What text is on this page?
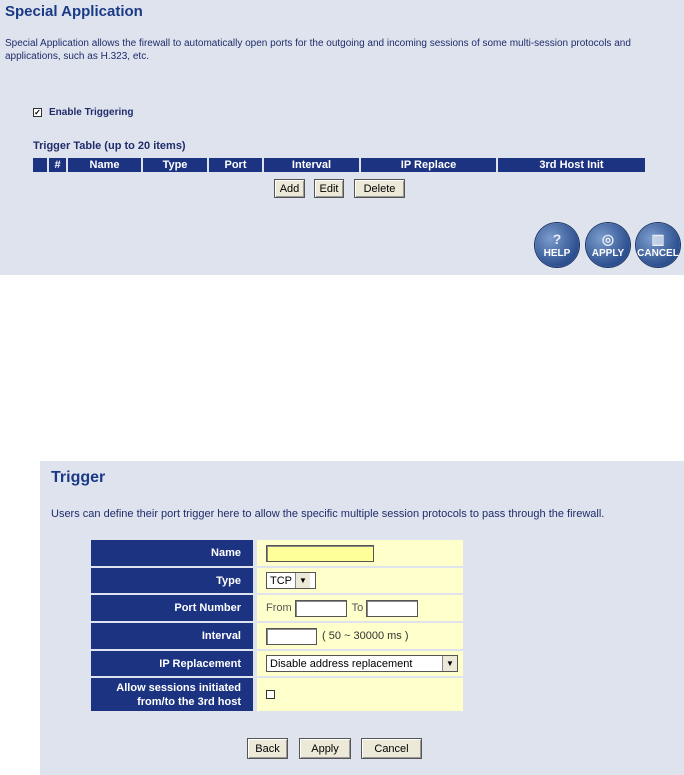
Special Application
Special Application allows the firewall to automatically open ports for the outgoing and incoming sessions of some multi-session protocols and applications, such as H.323, etc.
✓ Enable Triggering
Trigger Table (up to 20 items)
#	Name	Type	Port	Interval	IP Replace	3rd Host Init
Add	Edit	Delete
?
HELP
◎
APPLY
▥
CANCEL
Trigger
Users can define their port trigger here to allow the specific multiple session protocols to pass through the firewall.
Name
Type	TCP ▼
Port Number	From	To
Interval	( 50 ~ 30000 ms )
IP Replacement	Disable address replacement	▼
Allow sessions initiated
from/to the 3rd host
Back	Apply	Cancel
